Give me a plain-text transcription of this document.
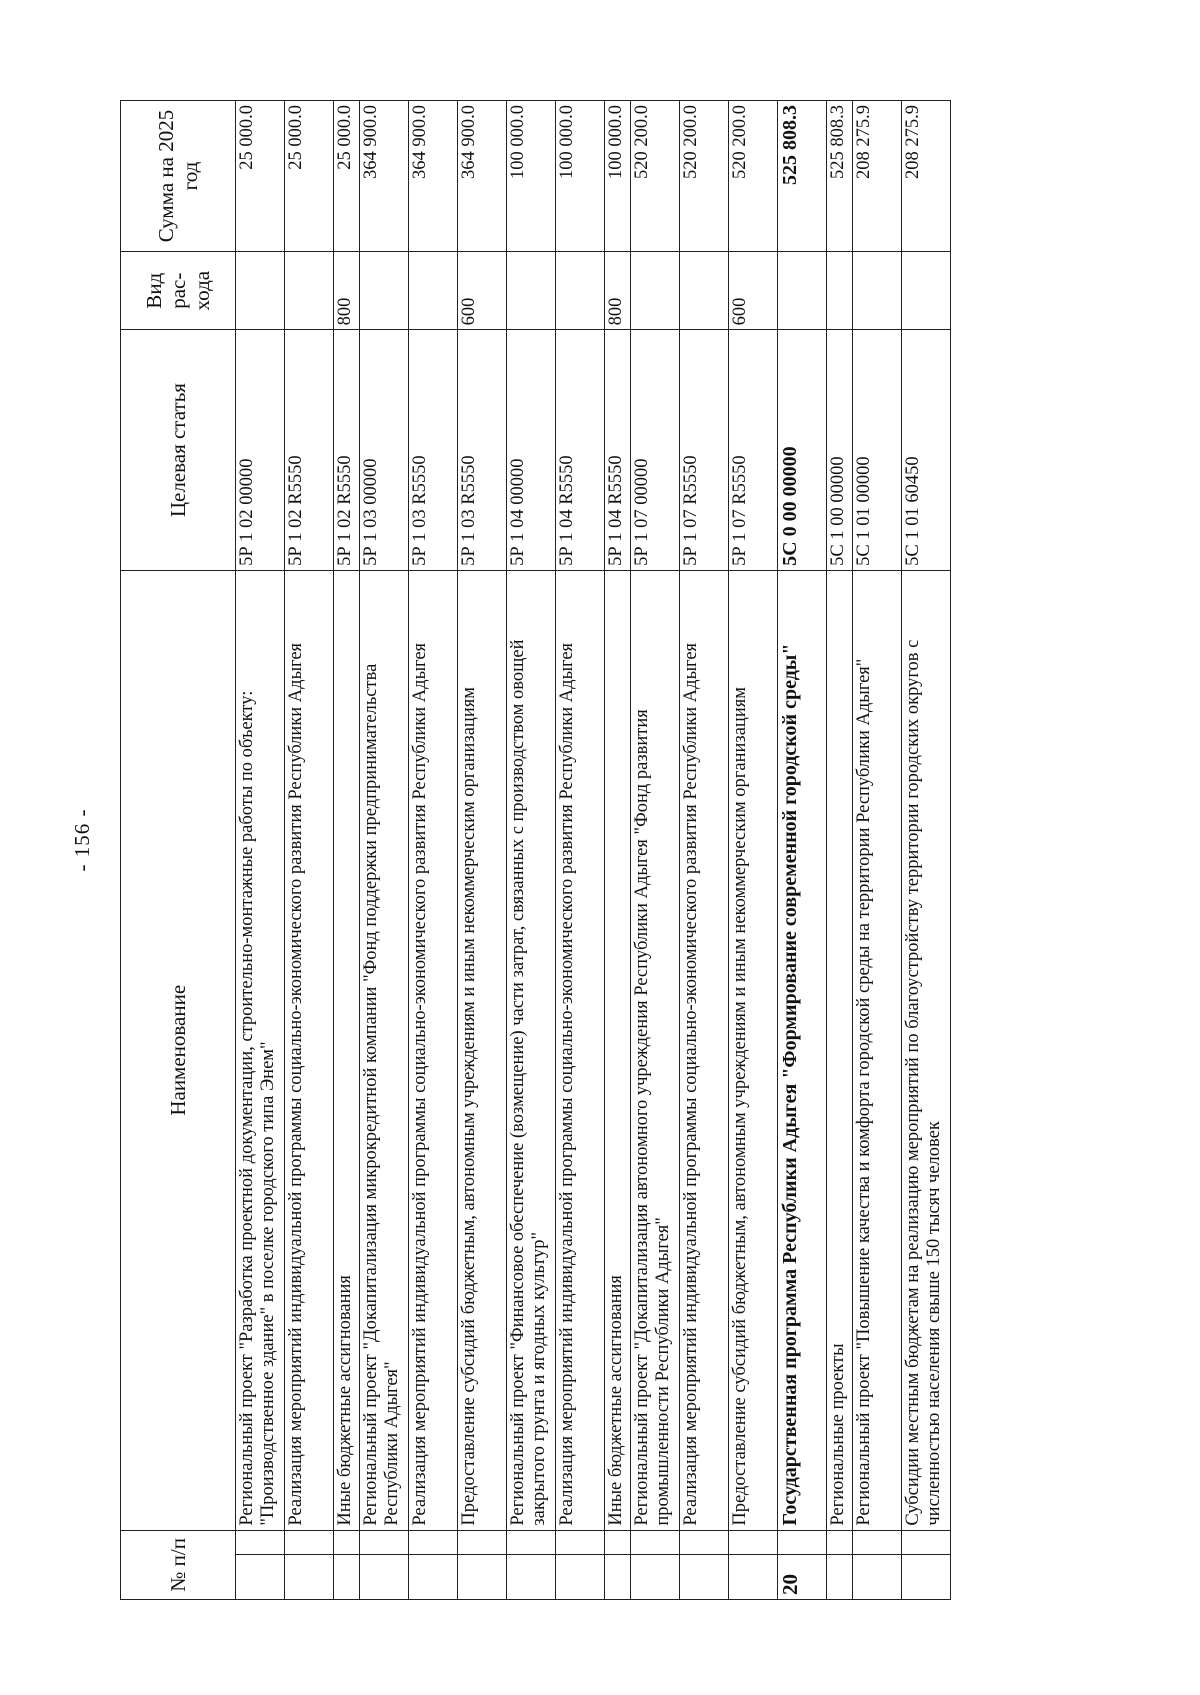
- 156 -
№ п/п		Наименование	Целевая статья	Вид рас-хода	Сумма на 2025 год
		Региональный проект "Разработка проектной документации, строительно-монтажные работы по объекту: "Производственное здание" в поселке городского типа Энем"	5Р 1 02 00000		25 000.0
		Реализация мероприятий индивидуальной программы социально-экономического развития Республики Адыгея	5Р 1 02 R5550		25 000.0
		Иные бюджетные ассигнования	5Р 1 02 R5550	800	25 000.0
		Региональный проект "Докапитализация микрокредитной компании "Фонд поддержки предпринимательства Республики Адыгея"	5Р 1 03 00000		364 900.0
		Реализация мероприятий индивидуальной программы социально-экономического развития Республики Адыгея	5Р 1 03 R5550		364 900.0
		Предоставление субсидий бюджетным, автономным учреждениям и иным некоммерческим организациям	5Р 1 03 R5550	600	364 900.0
		Региональный проект "Финансовое обеспечение (возмещение) части затрат, связанных с производством овощей закрытого грунта и ягодных культур"	5Р 1 04 00000		100 000.0
		Реализация мероприятий индивидуальной программы социально-экономического развития Республики Адыгея	5Р 1 04 R5550		100 000.0
		Иные бюджетные ассигнования	5Р 1 04 R5550	800	100 000.0
		Региональный проект "Докапитализация автономного учреждения Республики Адыгея "Фонд развития промышленности Республики Адыгея"	5Р 1 07 00000		520 200.0
		Реализация мероприятий индивидуальной программы социально-экономического развития Республики Адыгея	5Р 1 07 R5550		520 200.0
		Предоставление субсидий бюджетным, автономным учреждениям и иным некоммерческим организациям	5Р 1 07 R5550	600	520 200.0
20		Государственная программа Республики Адыгея "Формирование современной городской среды"	5С 0 00 00000		525 808.3
		Региональные проекты	5С 1 00 00000		525 808.3
		Региональный проект "Повышение качества и комфорта городской среды на территории Республики Адыгея"	5С 1 01 00000		208 275.9
		Субсидии местным бюджетам на реализацию мероприятий по благоустройству территории городских округов с численностью населения свыше 150 тысяч человек	5С 1 01 60450		208 275.9
